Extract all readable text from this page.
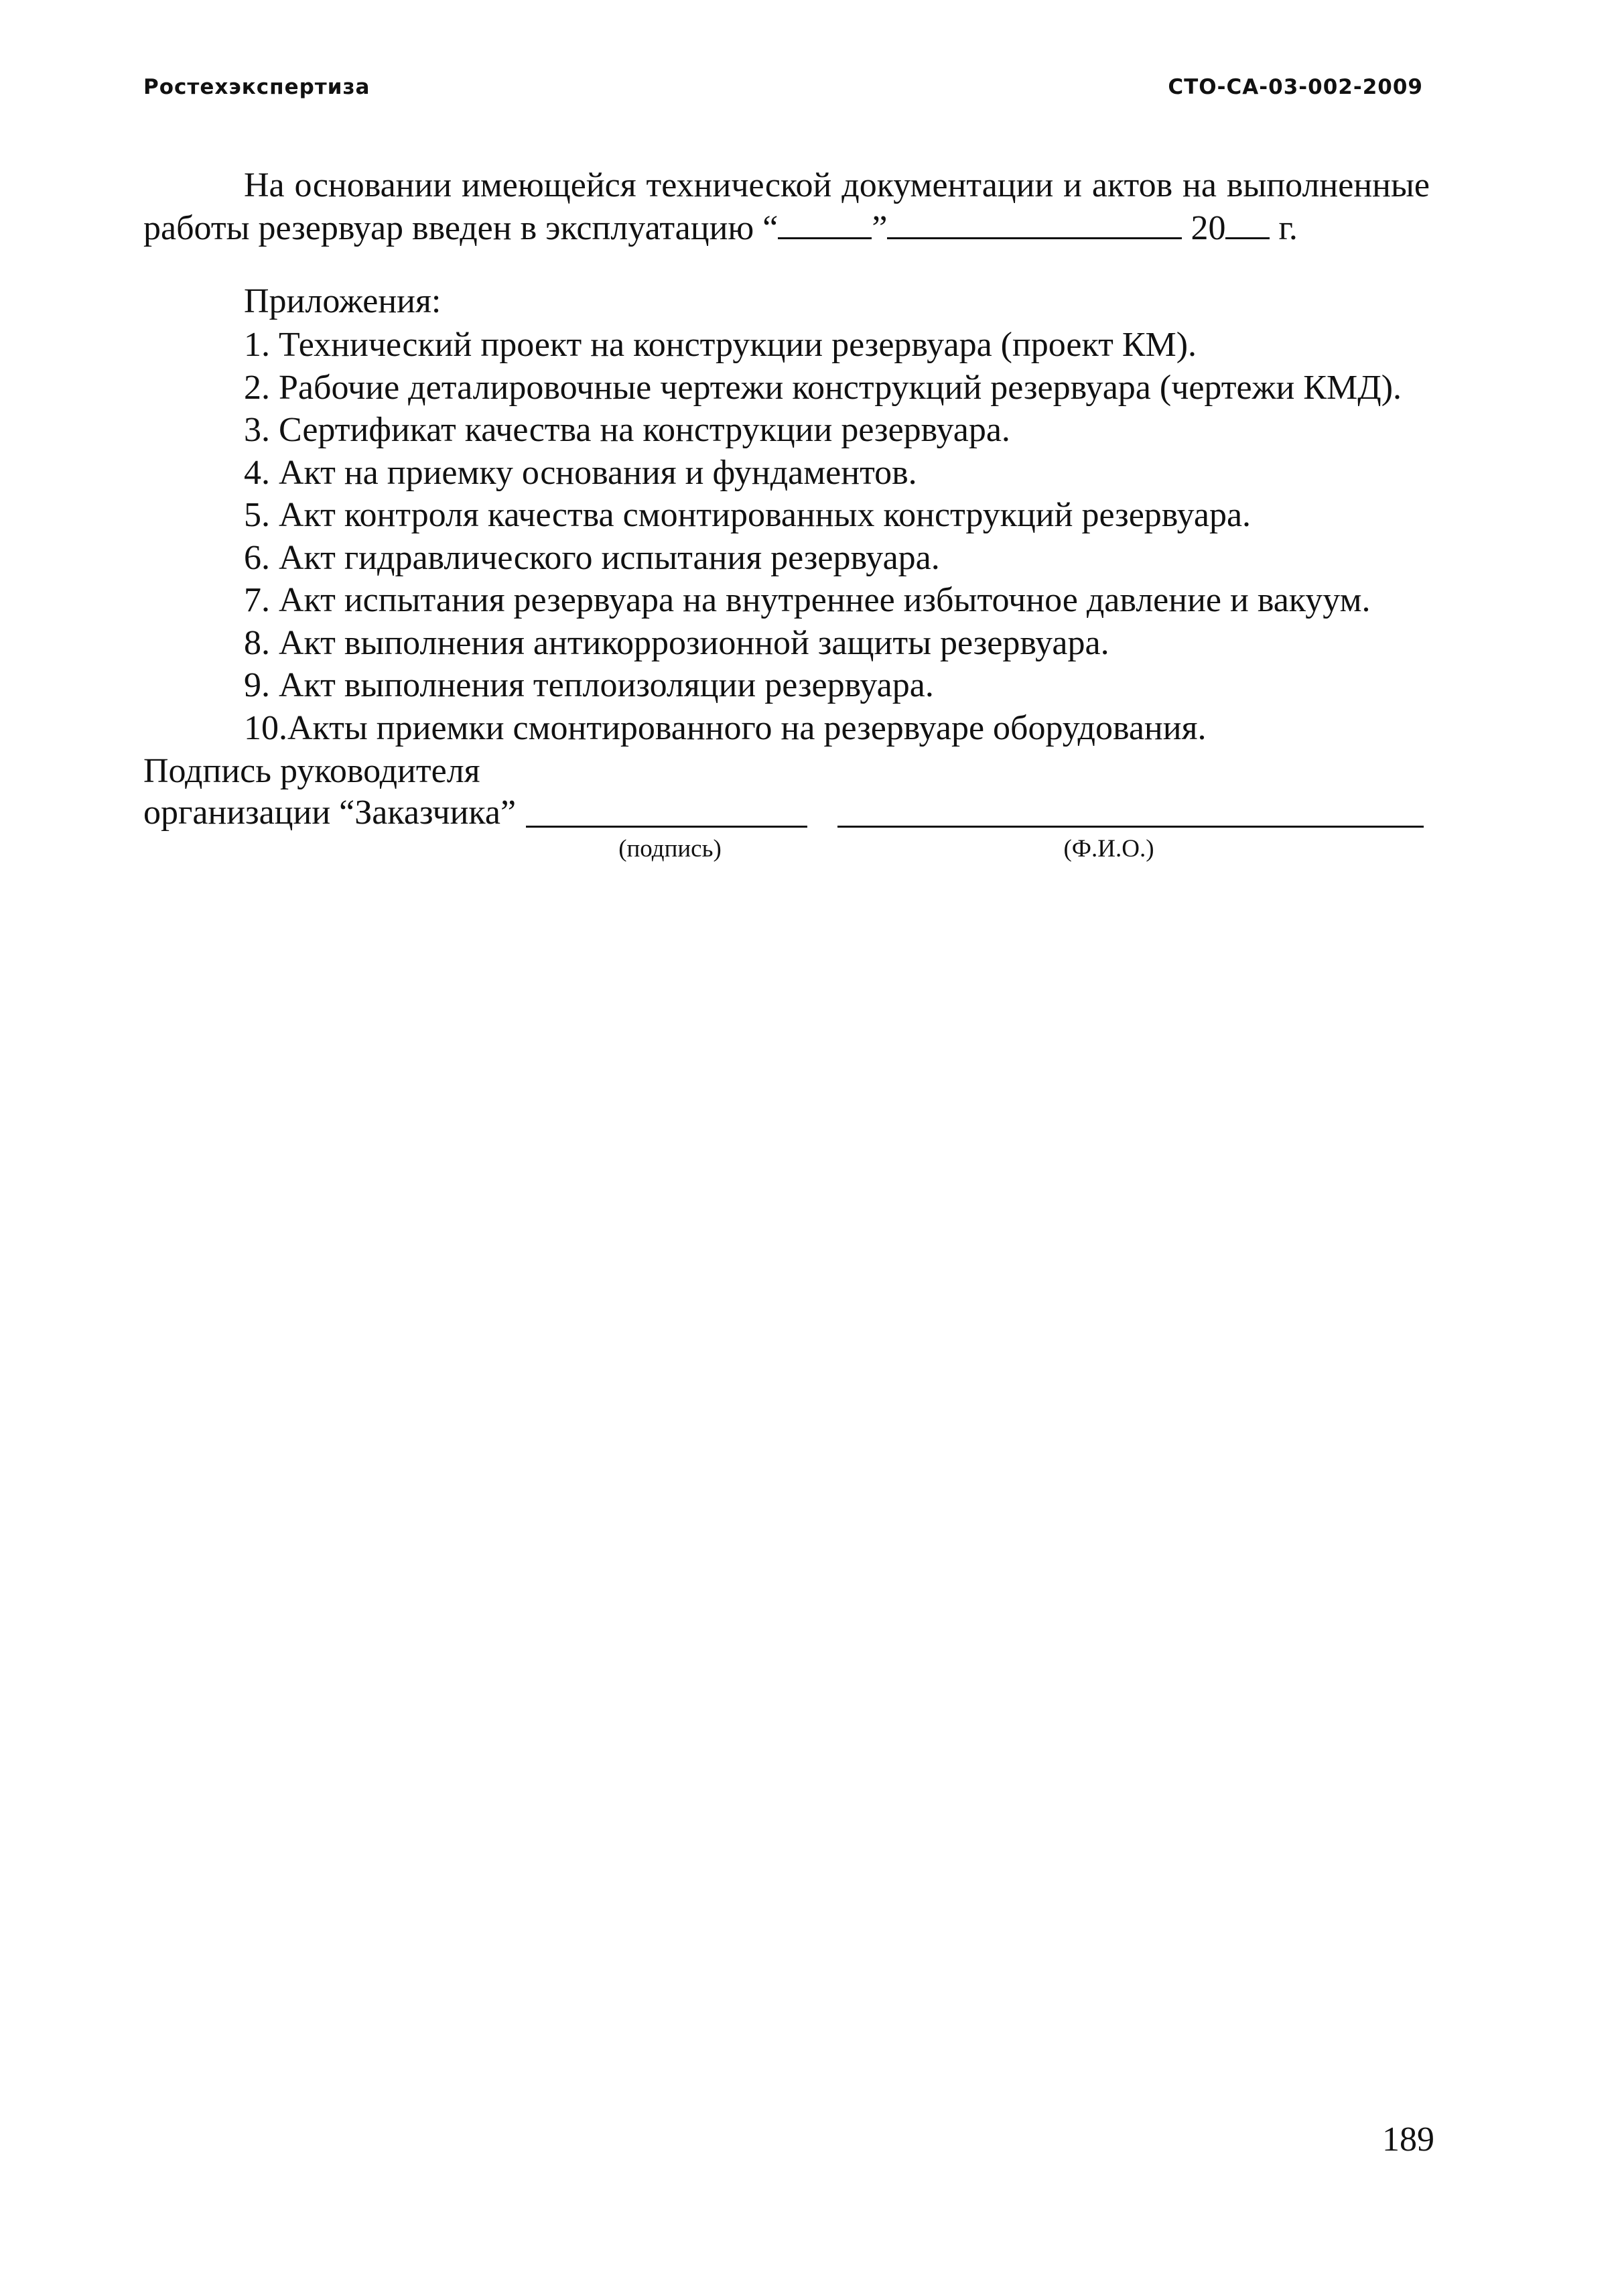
Ростехэкспертиза	СТО-СА-03-002-2009
На основании имеющейся технической документации и актов на выполненные
работы резервуар введен в эксплуатацию “	”	20 г.
Приложения:
1. Технический проект на конструкции резервуара (проект КМ).
2. Рабочие деталировочные чертежи конструкций резервуара (чертежи КМД).
3. Сертификат качества на конструкции резервуара.
4. Акт на приемку основания и фундаментов.
5. Акт контроля качества смонтированных конструкций резервуара.
6. Акт гидравлического испытания резервуара.
7. Акт испытания резервуара на внутреннее избыточное давление и вакуум.
8. Акт выполнения антикоррозионной защиты резервуара.
9. Акт выполнения теплоизоляции резервуара.
10.Акты приемки смонтированного на резервуаре оборудования.
Подпись руководителя
организации “Заказчика”
(подпись)	(Ф.И.О.)
189
